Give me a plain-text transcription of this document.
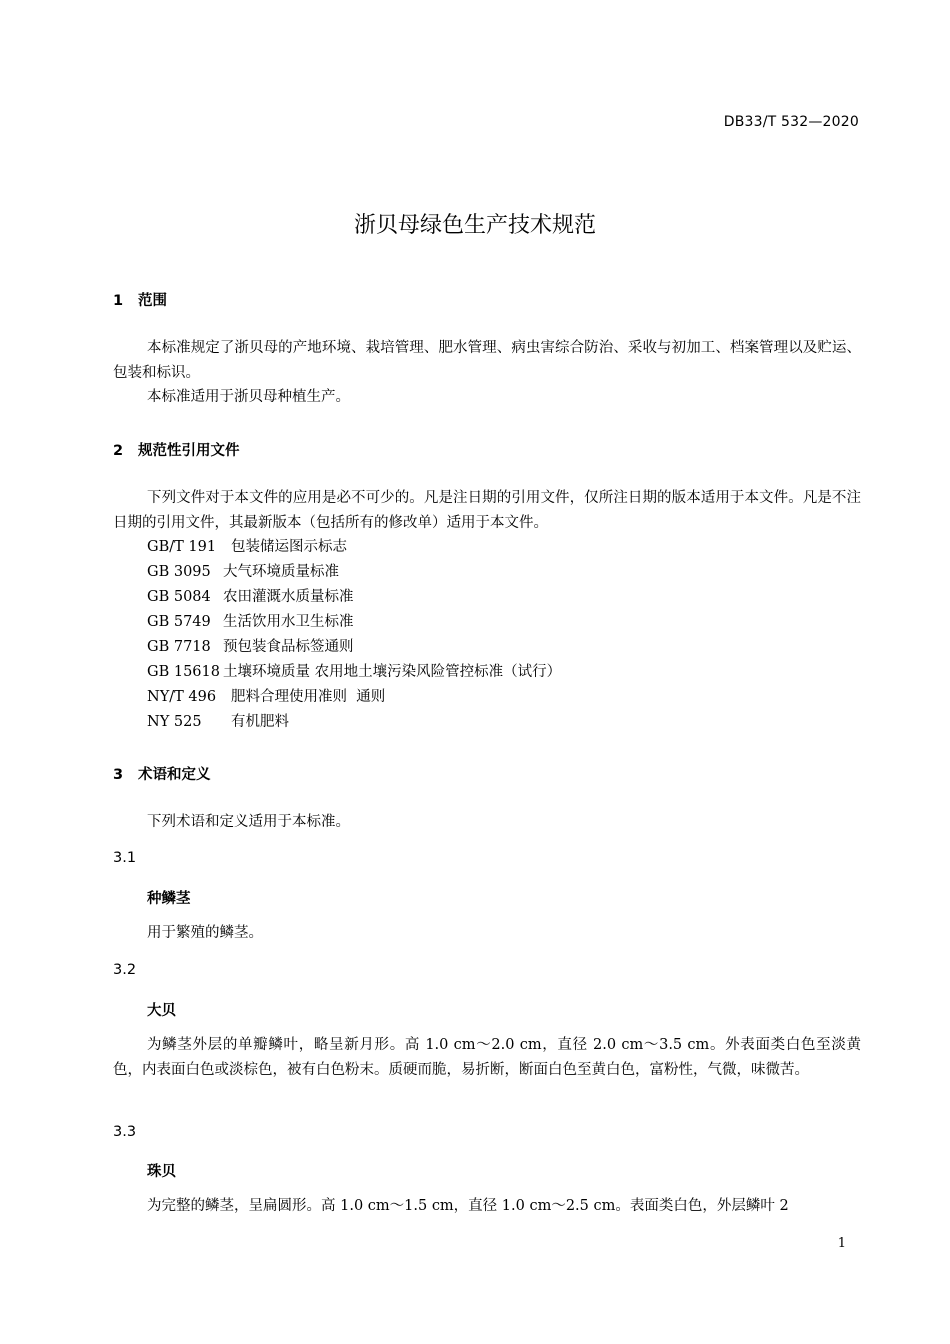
DB33/T 532—2020
浙贝母绿色生产技术规范
1 范围
本标准规定了浙贝母的产地环境、栽培管理、肥水管理、病虫害综合防治、采收与初加工、档案管理以及贮运、包装和标识。
本标准适用于浙贝母种植生产。
2 规范性引用文件
下列文件对于本文件的应用是必不可少的。凡是注日期的引用文件，仅所注日期的版本适用于本文件。凡是不注日期的引用文件，其最新版本（包括所有的修改单）适用于本文件。
GB/T 191 包装储运图示标志
GB 3095 大气环境质量标准
GB 5084 农田灌溉水质量标准
GB 5749 生活饮用水卫生标准
GB 7718 预包装食品标签通则
GB 15618 土壤环境质量 农用地土壤污染风险管控标准（试行）
NY/T 496 肥料合理使用准则  通则
NY 525 有机肥料
3 术语和定义
下列术语和定义适用于本标准。
3.1
种鳞茎
用于繁殖的鳞茎。
3.2
大贝
为鳞茎外层的单瓣鳞叶，略呈新月形。高 1.0 cm～2.0 cm，直径 2.0 cm～3.5 cm。外表面类白色至淡黄色，内表面白色或淡棕色，被有白色粉末。质硬而脆，易折断，断面白色至黄白色，富粉性，气微，味微苦。
3.3
珠贝
为完整的鳞茎，呈扁圆形。高 1.0 cm～1.5 cm，直径 1.0 cm～2.5 cm。表面类白色，外层鳞叶 2
1
